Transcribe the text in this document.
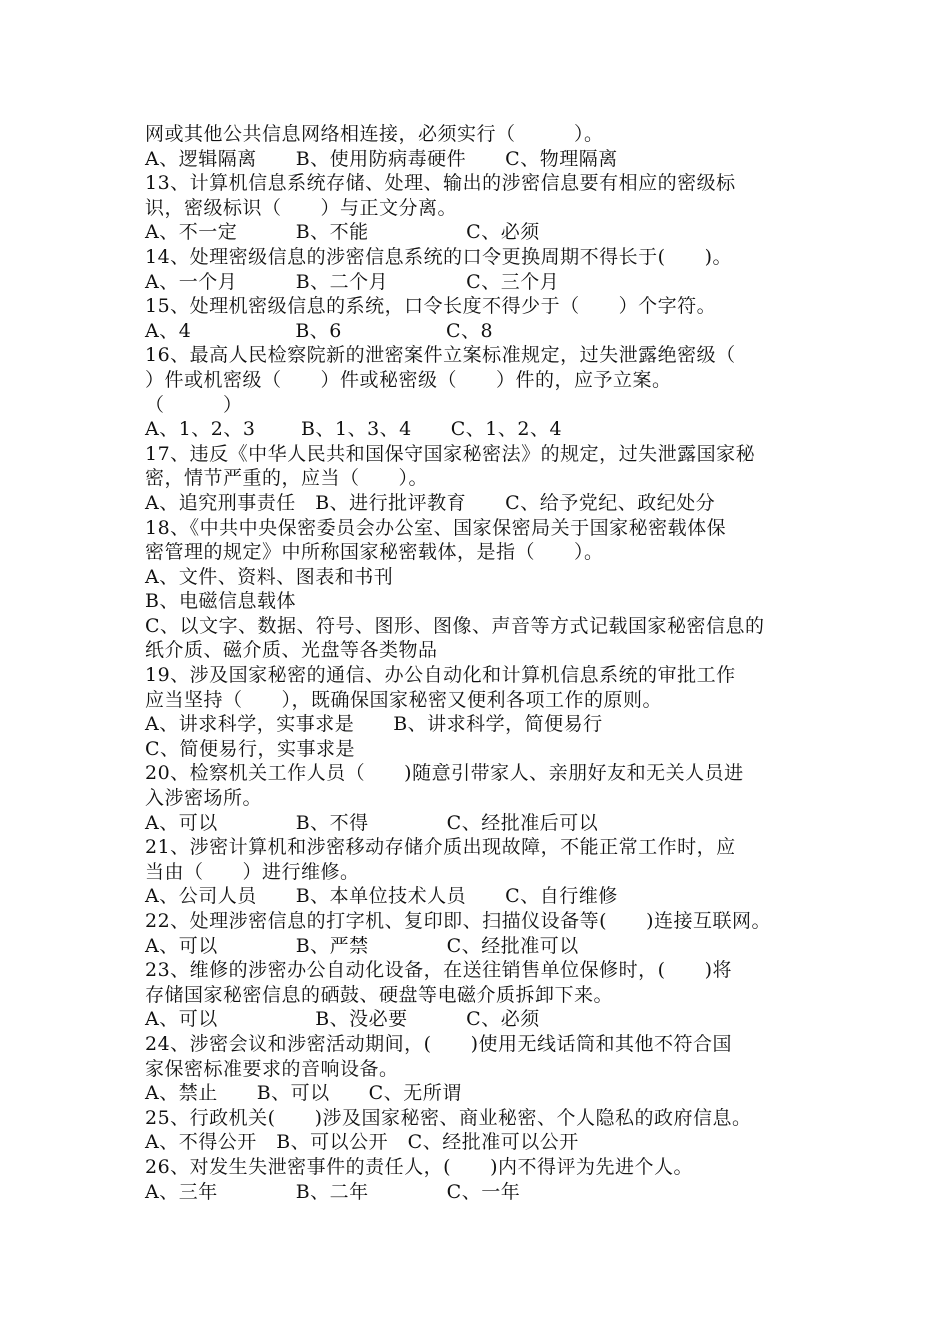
网或其他公共信息网络相连接，必须实行（　　　）。
A、逻辑隔离　　B、使用防病毒硬件　　C、物理隔离
13、计算机信息系统存储、处理、输出的涉密信息要有相应的密级标
识，密级标识（　　）与正文分离。
A、不一定　　　B、不能　　　　　C、必须
14、处理密级信息的涉密信息系统的口令更换周期不得长于(　　)。
A、一个月　　　B、二个月　　　　C、三个月
15、处理机密级信息的系统，口令长度不得少于（　　）个字符。
A、4　　　　　 B、6　　　　　 C、8
16、最高人民检察院新的泄密案件立案标准规定，过失泄露绝密级（
）件或机密级（　　）件或秘密级（　　）件的，应予立案。
（　　　）
A、1、2、3　　 B、1、3、4　　C、1、2、4
17、违反《中华人民共和国保守国家秘密法》的规定，过失泄露国家秘
密，情节严重的，应当（　　）。
A、追究刑事责任　B、进行批评教育　　C、给予党纪、政纪处分
18、《中共中央保密委员会办公室、国家保密局关于国家秘密载体保
密管理的规定》中所称国家秘密载体，是指（　　）。
A、文件、资料、图表和书刊
B、电磁信息载体
C、以文字、数据、符号、图形、图像、声音等方式记载国家秘密信息的
纸介质、磁介质、光盘等各类物品
19、涉及国家秘密的通信、办公自动化和计算机信息系统的审批工作
应当坚持（　　），既确保国家秘密又便利各项工作的原则。
A、讲求科学，实事求是　　B、讲求科学，简便易行
C、简便易行，实事求是
20、检察机关工作人员（　　)随意引带家人、亲朋好友和无关人员进
入涉密场所。
A、可以　　　　B、不得　　　　C、经批准后可以
21、涉密计算机和涉密移动存储介质出现故障，不能正常工作时，应
当由（　　）进行维修。
A、公司人员　　B、本单位技术人员　　C、自行维修
22、处理涉密信息的打字机、复印即、扫描仪设备等(　　)连接互联网。
A、可以　　　　B、严禁　　　　C、经批准可以
23、维修的涉密办公自动化设备，在送往销售单位保修时，(　　)将
存储国家秘密信息的硒鼓、硬盘等电磁介质拆卸下来。
A、可以　　　　　B、没必要　　　C、必须
24、涉密会议和涉密活动期间，(　　)使用无线话筒和其他不符合国
家保密标准要求的音响设备。
A、禁止　　B、可以　　C、无所谓
25、行政机关(　　)涉及国家秘密、商业秘密、个人隐私的政府信息。
A、不得公开　B、可以公开　C、经批准可以公开
26、对发生失泄密事件的责任人，(　　)内不得评为先进个人。
A、三年　　　　B、二年　　　　C、一年
